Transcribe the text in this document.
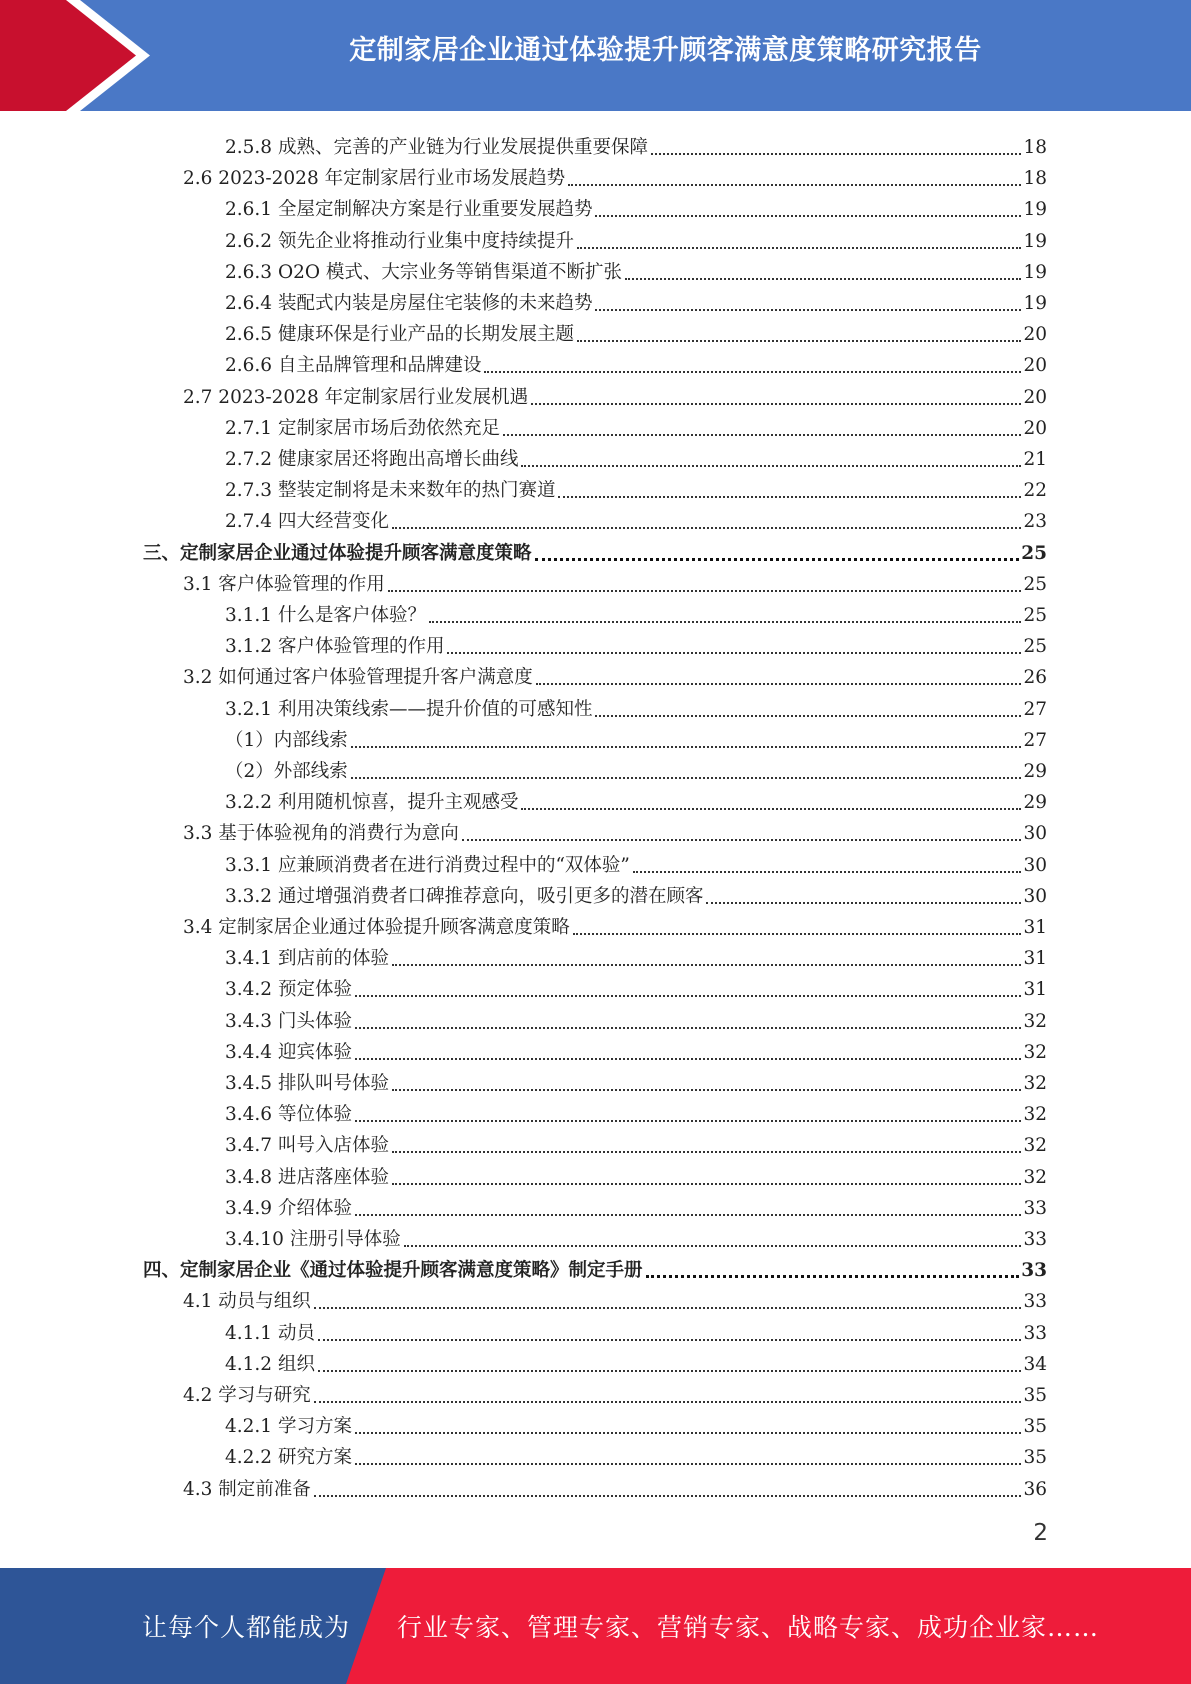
定制家居企业通过体验提升顾客满意度策略研究报告
2.5.8 成熟、完善的产业链为行业发展提供重要保障	18
2.6 2023-2028 年定制家居行业市场发展趋势	18
2.6.1 全屋定制解决方案是行业重要发展趋势	19
2.6.2 领先企业将推动行业集中度持续提升	19
2.6.3 O2O 模式、大宗业务等销售渠道不断扩张	19
2.6.4 装配式内装是房屋住宅装修的未来趋势	19
2.6.5 健康环保是行业产品的长期发展主题	20
2.6.6 自主品牌管理和品牌建设	20
2.7 2023-2028 年定制家居行业发展机遇	20
2.7.1 定制家居市场后劲依然充足	20
2.7.2 健康家居还将跑出高增长曲线	21
2.7.3 整装定制将是未来数年的热门赛道	22
2.7.4 四大经营变化	23
三、定制家居企业通过体验提升顾客满意度策略	25
3.1 客户体验管理的作用	25
3.1.1 什么是客户体验？	25
3.1.2 客户体验管理的作用	25
3.2 如何通过客户体验管理提升客户满意度	26
3.2.1 利用决策线索——提升价值的可感知性	27
（1）内部线索	27
（2）外部线索	29
3.2.2 利用随机惊喜，提升主观感受	29
3.3 基于体验视角的消费行为意向	30
3.3.1 应兼顾消费者在进行消费过程中的“双体验”	30
3.3.2 通过增强消费者口碑推荐意向，吸引更多的潜在顾客	30
3.4 定制家居企业通过体验提升顾客满意度策略	31
3.4.1 到店前的体验	31
3.4.2 预定体验	31
3.4.3 门头体验	32
3.4.4 迎宾体验	32
3.4.5 排队叫号体验	32
3.4.6 等位体验	32
3.4.7 叫号入店体验	32
3.4.8 进店落座体验	32
3.4.9 介绍体验	33
3.4.10 注册引导体验	33
四、定制家居企业《通过体验提升顾客满意度策略》制定手册	33
4.1 动员与组织	33
4.1.1 动员	33
4.1.2 组织	34
4.2 学习与研究	35
4.2.1 学习方案	35
4.2.2 研究方案	35
4.3 制定前准备	36
2
让每个人都能成为 行业专家、管理专家、营销专家、战略专家、成功企业家……
